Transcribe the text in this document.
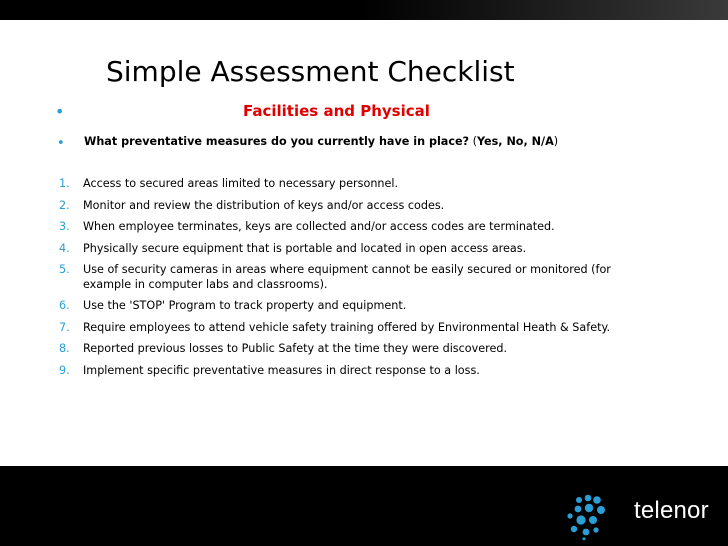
Simple Assessment Checklist
•	Facilities and Physical
• What preventative measures do you currently have in place? (Yes, No, N/A)
1. Access to secured areas limited to necessary personnel.
2. Monitor and review the distribution of keys and/or access codes.
3. When employee terminates, keys are collected and/or access codes are terminated.
4. Physically secure equipment that is portable and located in open access areas.
5. Use of security cameras in areas where equipment cannot be easily secured or monitored (for example in computer labs and classrooms).
6. Use the 'STOP' Program to track property and equipment.
7. Require employees to attend vehicle safety training offered by Environmental Heath & Safety.
8. Reported previous losses to Public Safety at the time they were discovered.
9. Implement specific preventative measures in direct response to a loss.
telenor
